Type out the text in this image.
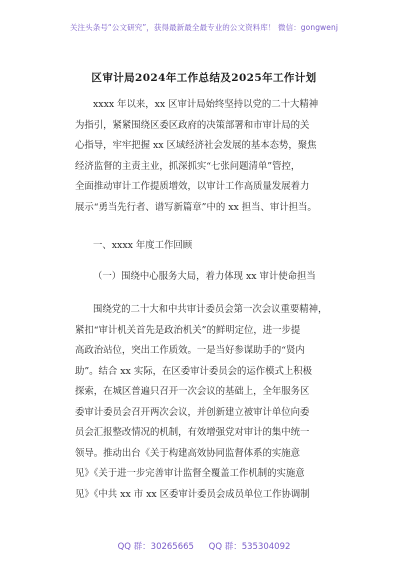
关注头条号“公文研究”，获得最新最全最专业的公文资料库！ 微信：gongwenj
区审计局2024年工作总结及2025年工作计划

xxxx 年以来，xx 区审计局始终坚持以党的二十大精神

为指引，紧紧围绕区委区政府的决策部署和市审计局的关

心指导，牢牢把握 xx 区域经济社会发展的基本态势，聚焦

经济监督的主责主业，抓深抓实“七张问题清单”管控，

全面推动审计工作提质增效，以审计工作高质量发展着力

展示“勇当先行者、谱写新篇章”中的 xx 担当、审计担当。

一、xxxx 年度工作回顾
（一）围绕中心服务大局，着力体现 xx 审计使命担当

围绕党的二十大和中共审计委员会第一次会议重要精神，

紧扣“审计机关首先是政治机关”的鲜明定位，进一步提

高政治站位，突出工作质效。一是当好参谋助手的“贤内

助”。结合 xx 实际，在区委审计委员会的运作模式上积极

探索，在城区普遍只召开一次会议的基础上，全年服务区

委审计委员会召开两次会议，并创新建立被审计单位向委

员会汇报整改情况的机制，有效增强党对审计的集中统一

领导。推动出台《关于构建高效协同监督体系的实施意

见》《关于进一步完善审计监督全覆盖工作机制的实施意

见》《中共 xx 市 xx 区委审计委员会成员单位工作协调制

QQ 群：30265665 QQ 群：535304092
